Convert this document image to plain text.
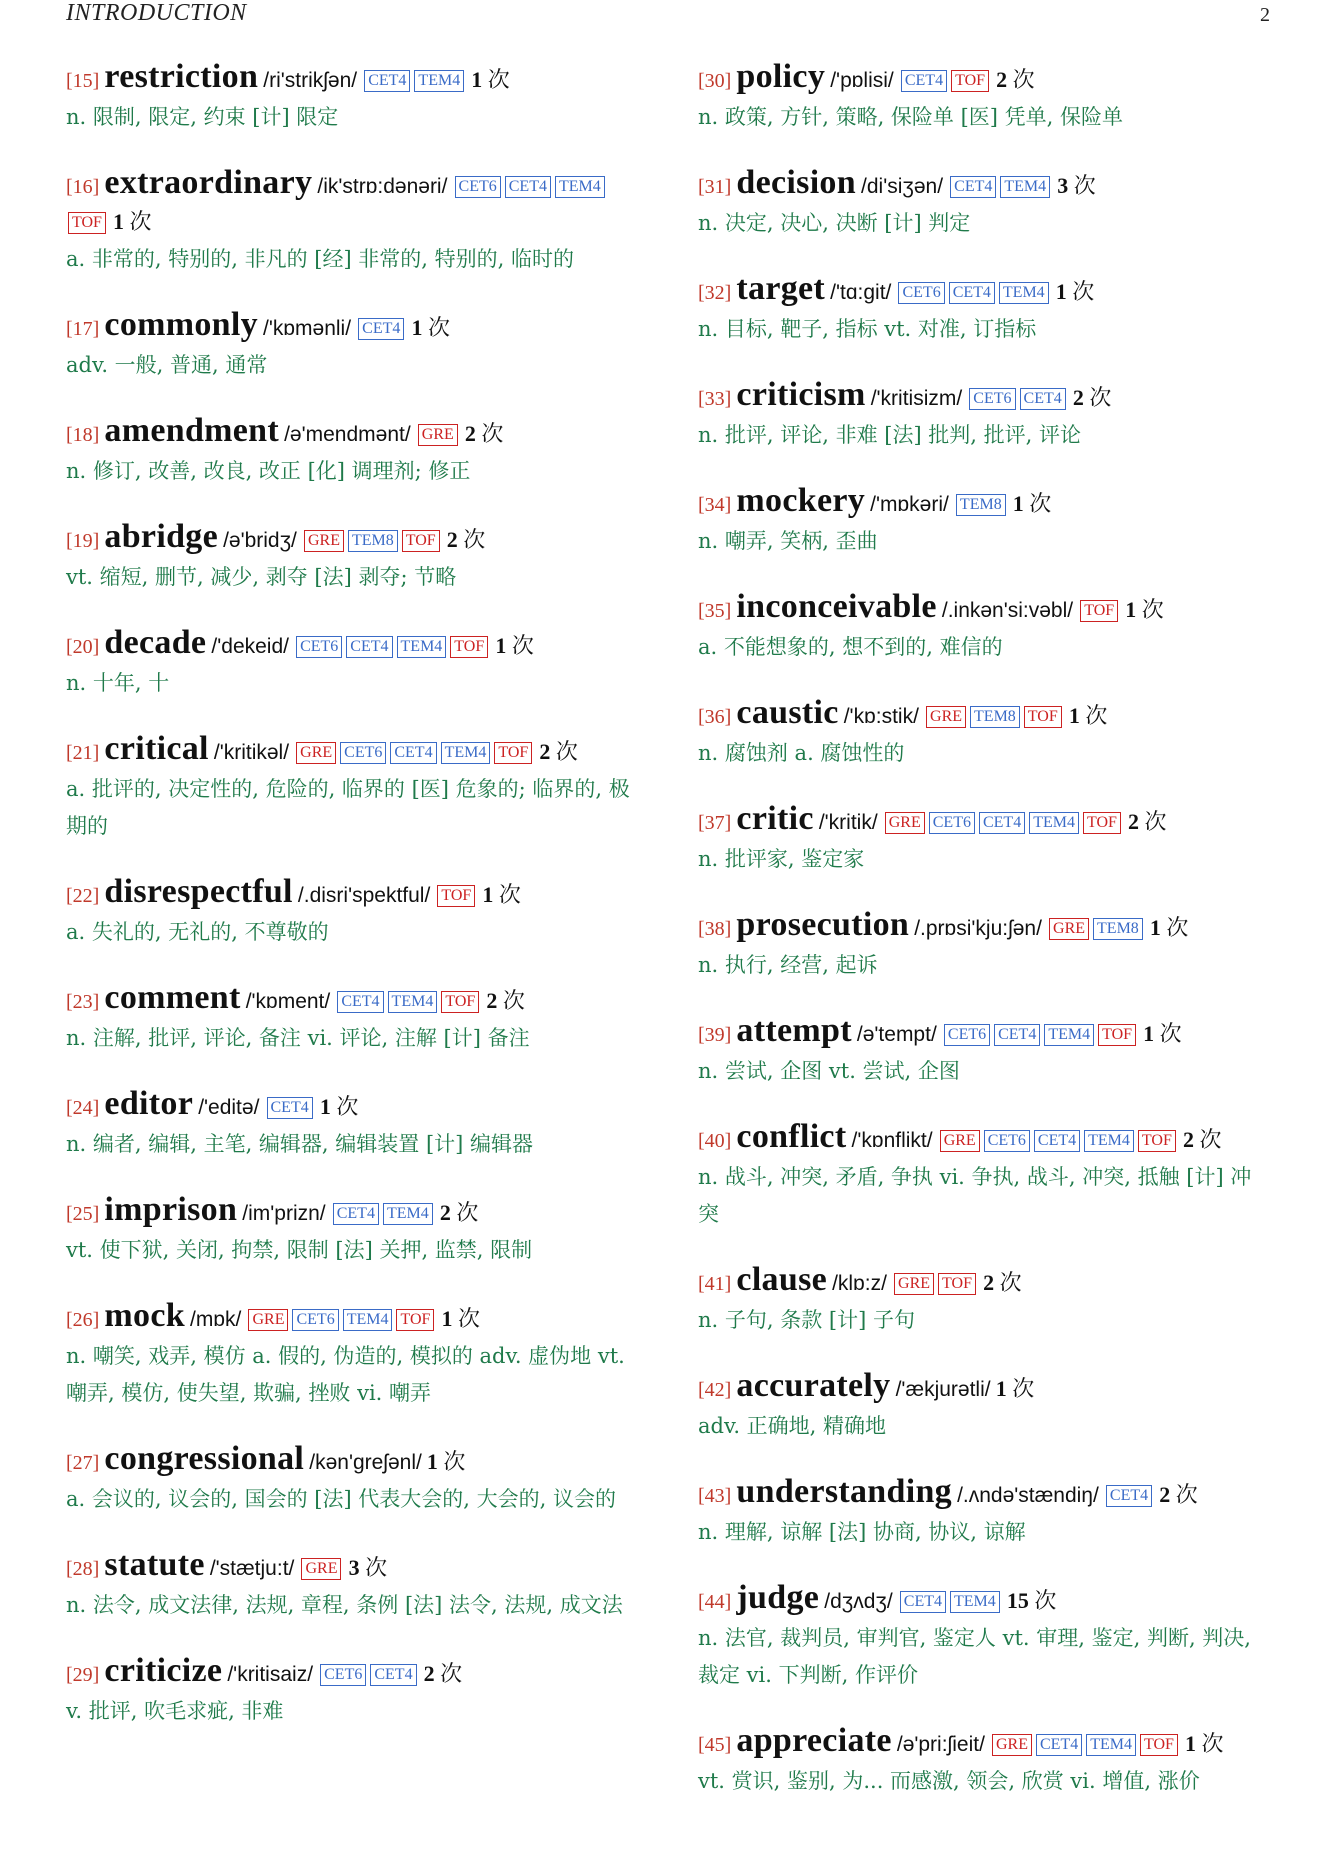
INTRODUCTION	2
[15] restriction /ri'strikʃən/ CET4 TEM4 1 次
n. 限制, 限定, 约束 [计] 限定
[16] extraordinary /ik'strɒ:dənəri/ CET6 CET4 TEM4TOF 1 次
a. 非常的, 特别的, 非凡的 [经] 非常的, 特别的, 临时的
[17] commonly /'kɒmənli/ CET4 1 次
adv. 一般, 普通, 通常
[18] amendment /ə'mendmənt/ GRE 2 次
n. 修订, 改善, 改良, 改正 [化] 调理剂; 修正
[19] abridge /ə'bridʒ/ GRE TEM8 TOF 2 次
vt. 缩短, 删节, 减少, 剥夺 [法] 剥夺; 节略
[20] decade /'dekeid/ CET6 CET4 TEM4 TOF 1 次
n. 十年, 十
[21] critical /'kritikəl/ GRE CET6 CET4 TEM4 TOF 2 次
a. 批评的, 决定性的, 危险的, 临界的 [医] 危象的; 临界的, 极期的
[22] disrespectful /.disri'spektful/ TOF 1 次
a. 失礼的, 无礼的, 不尊敬的
[23] comment /'kɒment/ CET4 TEM4 TOF 2 次
n. 注解, 批评, 评论, 备注 vi. 评论, 注解 [计] 备注
[24] editor /'editə/ CET4 1 次
n. 编者, 编辑, 主笔, 编辑器, 编辑装置 [计] 编辑器
[25] imprison /im'prizn/ CET4 TEM4 2 次
vt. 使下狱, 关闭, 拘禁, 限制 [法] 关押, 监禁, 限制
[26] mock /mɒk/ GRE CET6 TEM4 TOF 1 次
n. 嘲笑, 戏弄, 模仿 a. 假的, 伪造的, 模拟的 adv. 虚伪地 vt. 嘲弄, 模仿, 使失望, 欺骗, 挫败 vi. 嘲弄
[27] congressional /kən'greʃənl/ 1 次
a. 会议的, 议会的, 国会的 [法] 代表大会的, 大会的, 议会的
[28] statute /'stætju:t/ GRE 3 次
n. 法令, 成文法律, 法规, 章程, 条例 [法] 法令, 法规, 成文法
[29] criticize /'kritisaiz/ CET6 CET4 2 次
v. 批评, 吹毛求疵, 非难
[30] policy /'pɒlisi/ CET4 TOF 2 次
n. 政策, 方针, 策略, 保险单 [医] 凭单, 保险单
[31] decision /di'siʒən/ CET4 TEM4 3 次
n. 决定, 决心, 决断 [计] 判定
[32] target /'tɑ:git/ CET6 CET4 TEM4 1 次
n. 目标, 靶子, 指标 vt. 对准, 订指标
[33] criticism /'kritisizm/ CET6 CET4 2 次
n. 批评, 评论, 非难 [法] 批判, 批评, 评论
[34] mockery /'mɒkəri/ TEM8 1 次
n. 嘲弄, 笑柄, 歪曲
[35] inconceivable /.inkən'si:vəbl/ TOF 1 次
a. 不能想象的, 想不到的, 难信的
[36] caustic /'kɒ:stik/ GRE TEM8 TOF 1 次
n. 腐蚀剂 a. 腐蚀性的
[37] critic /'kritik/ GRE CET6 CET4 TEM4 TOF 2 次
n. 批评家, 鉴定家
[38] prosecution /.prɒsi'kju:ʃən/ GRE TEM8 1 次
n. 执行, 经营, 起诉
[39] attempt /ə'tempt/ CET6 CET4 TEM4 TOF 1 次
n. 尝试, 企图 vt. 尝试, 企图
[40] conflict /'kɒnflikt/ GRE CET6 CET4 TEM4 TOF 2 次
n. 战斗, 冲突, 矛盾, 争执 vi. 争执, 战斗, 冲突, 抵触 [计] 冲突
[41] clause /klɒ:z/ GRE TOF 2 次
n. 子句, 条款 [计] 子句
[42] accurately /'ækjurətli/ 1 次
adv. 正确地, 精确地
[43] understanding /.ʌndə'stændiŋ/ CET4 2 次
n. 理解, 谅解 [法] 协商, 协议, 谅解
[44] judge /dʒʌdʒ/ CET4 TEM4 15 次
n. 法官, 裁判员, 审判官, 鉴定人 vt. 审理, 鉴定, 判断, 判决, 裁定 vi. 下判断, 作评价
[45] appreciate /ə'pri:ʃieit/ GRE CET4 TEM4 TOF 1 次
vt. 赏识, 鉴别, 为... 而感激, 领会, 欣赏 vi. 增值, 涨价
